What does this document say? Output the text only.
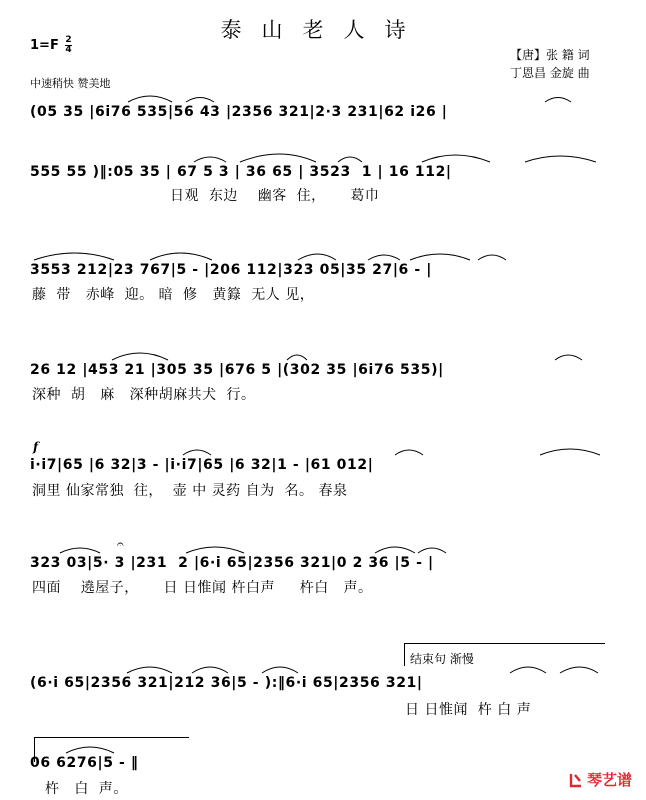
泰山老人诗
$1=F \frac{2}{4}$
中速稍快 赞美地
【唐】张 籍 词
丁恩昌 金旋 曲
(05 35 |6i76 535|56 43 |2356 321|2·3 231|62 i26 |
555 55 )‖:05 35 | 67 5 3 | 36 65 | 3523  1 | 16 112|
日观  东边    幽客  住，     葛巾
3553 212|23 767|5 - |206 112|323 05|35 27|6 - |
藤  带   赤峰  迎。 暗  修   黄籙  无人 见，
26 12 |453 21 |305 35 |676 5 |(302 35 |6i76 535)|
深种  胡   麻   深种胡麻共犬  行。
f
i·i7|65 |6 32|3 - |i·i7|65 |6 32|1 - |61 012|
洞里 仙家常独  往，  壶 中 灵药 自为  名。 春泉
𝄐
323 03|5· 3 |231  2 |6·i 65|2356 321|0 2 36 |5 - |
四面    遶屋子，     日 日惟闻 杵白声     杵白   声。
结束句 渐慢
(6·i 65|2356 321|212 36|5 - ):‖6·i 65|2356 321|
日 日惟闻  杵 白 声
06 6276|5 - ‖
杵   白  声。	琴艺谱
